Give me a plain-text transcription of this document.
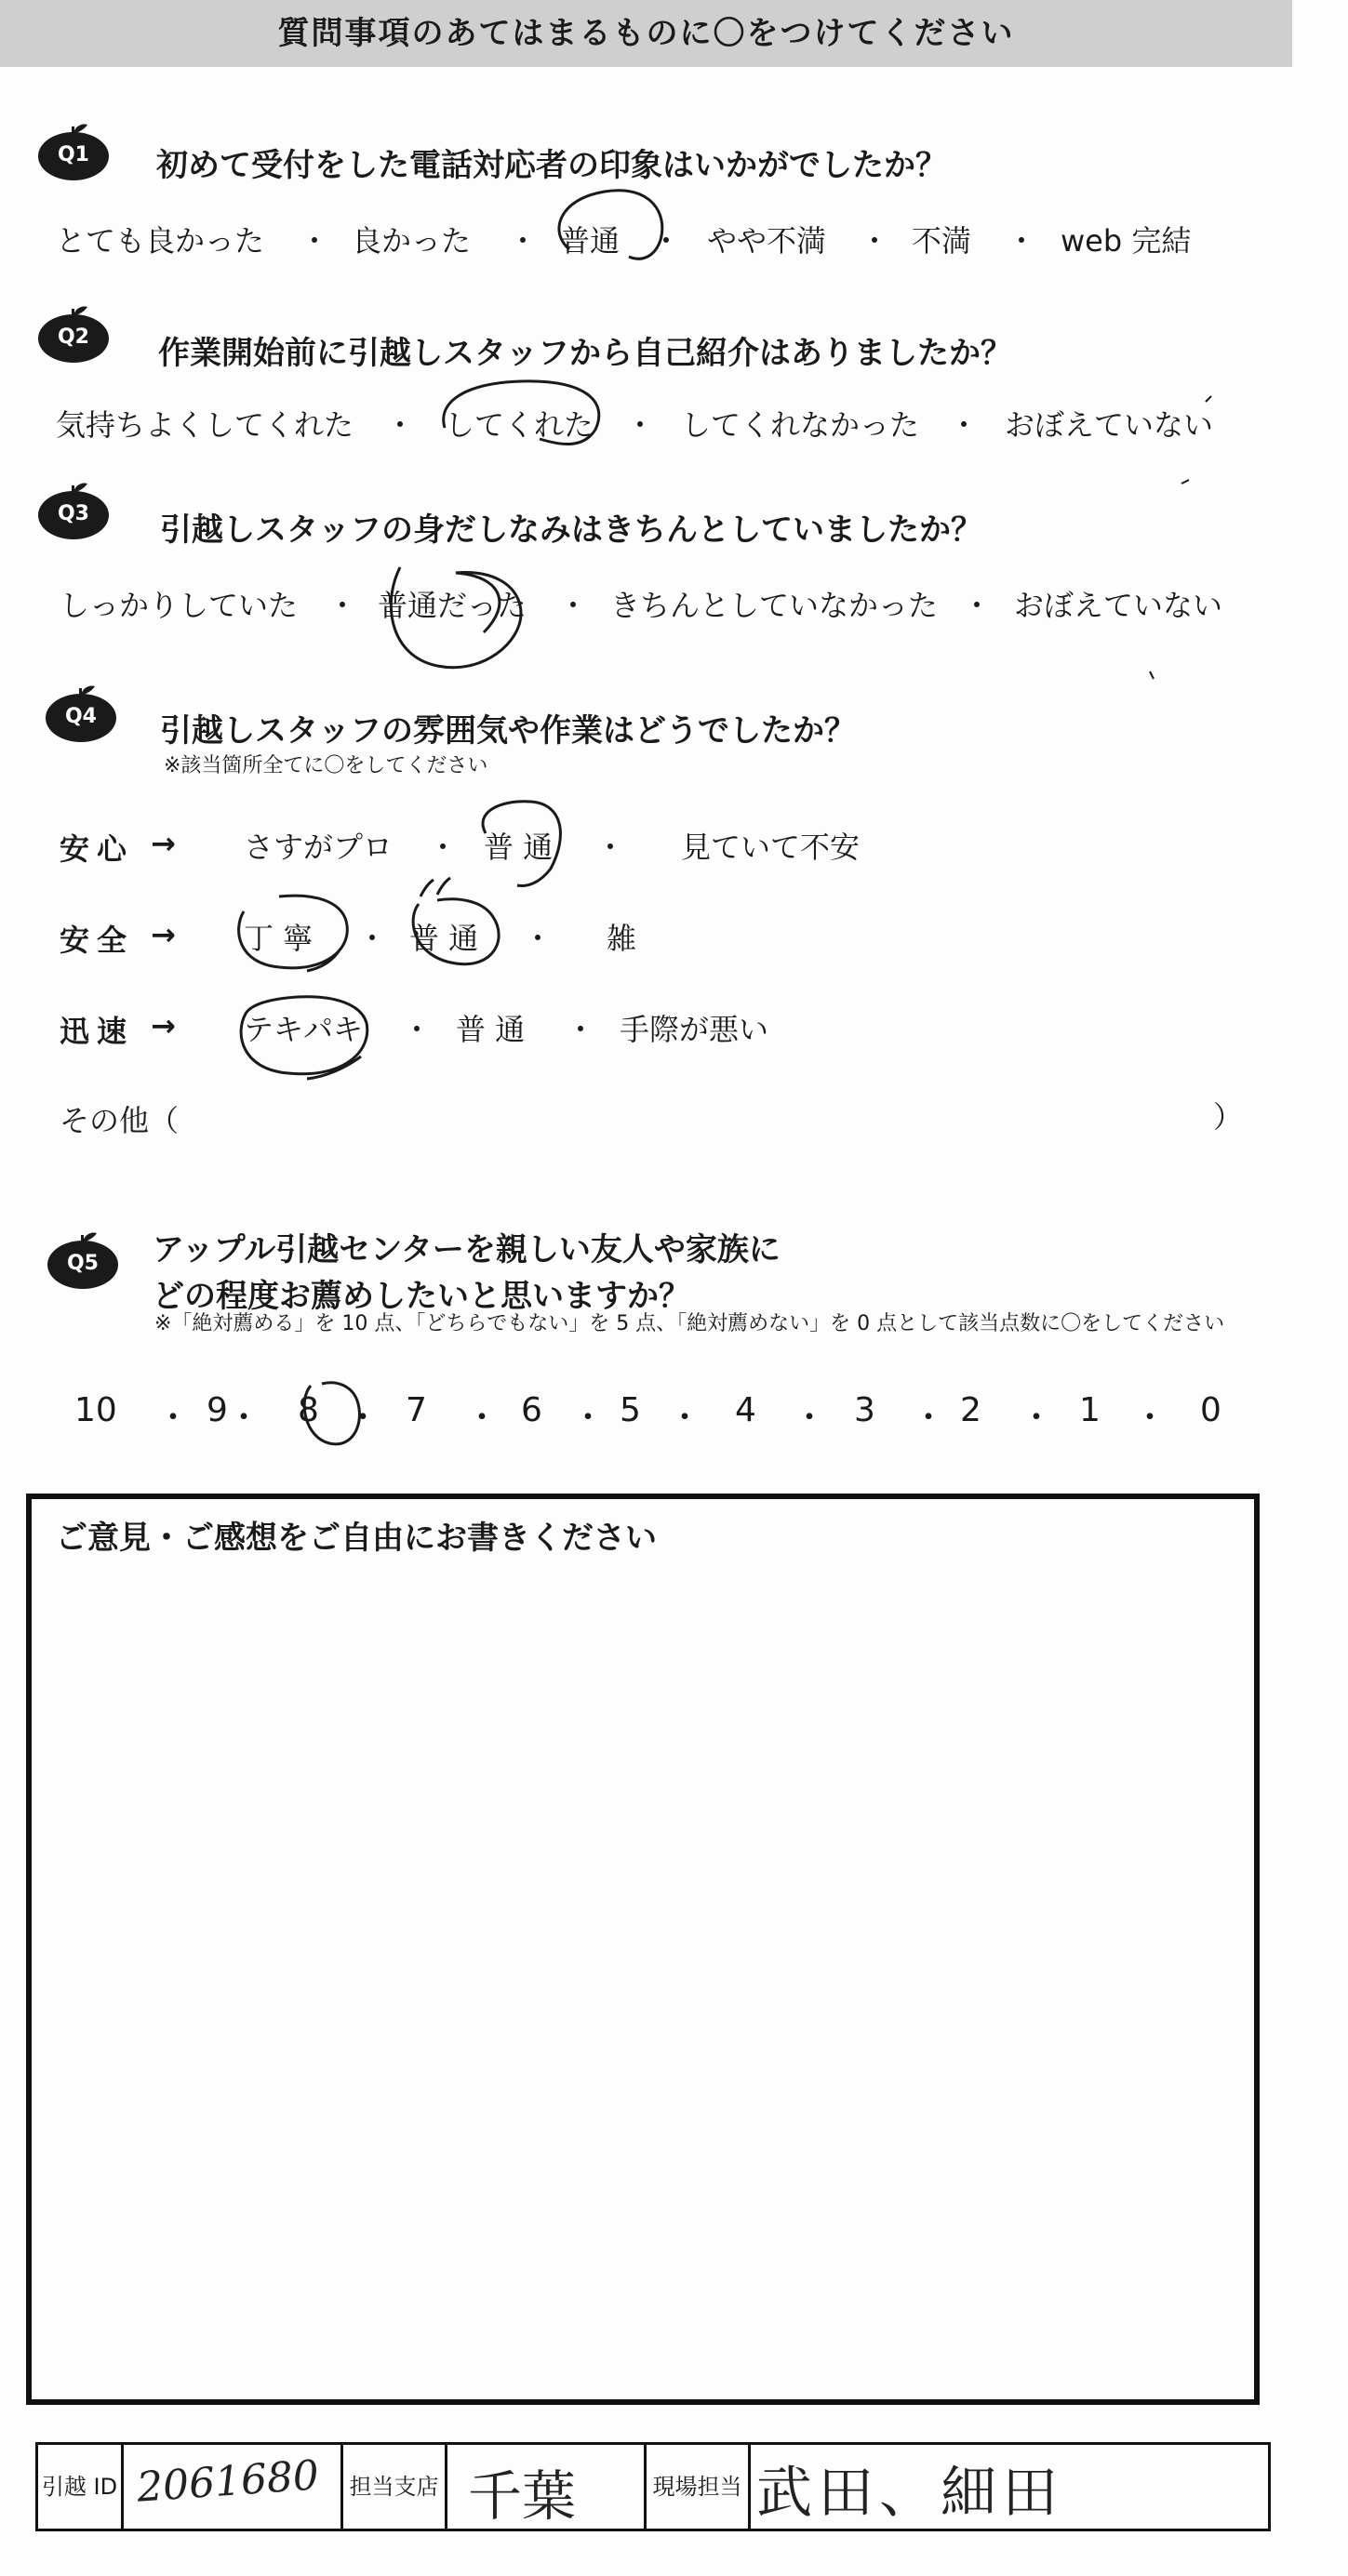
質問事項のあてはまるものに〇をつけてください
Q1	初めて受付をした電話対応者の印象はいかがでしたか？
とても良かった ・ 良かった ・ 普通 ・ やや不満 ・ 不満 ・ web 完結
Q2	作業開始前に引越しスタッフから自己紹介はありましたか？
気持ちよくしてくれた ・ してくれた ・ してくれなかった ・ おぼえていない
Q3	引越しスタッフの身だしなみはきちんとしていましたか？
しっかりしていた ・ 普通だった ・ きちんとしていなかった ・ おぼえていない
Q4	引越しスタッフの雰囲気や作業はどうでしたか？
※該当箇所全てに〇をしてください
安心 → さすがプロ ・ 普 通 ・ 見ていて不安
安全 → 丁 寧 ・ 普 通 ・ 雑
迅速 → テキパキ ・ 普 通 ・ 手際が悪い
その他（	）
Q5	アップル引越センターを親しい友人や家族に
どの程度お薦めしたいと思いますか？
※「絶対薦める」を 10 点、「どちらでもない」を 5 点、「絶対薦めない」を 0 点として該当点数に〇をしてください
10 ・ 9 ・ 8 ・ 7 ・ 6 ・ 5 ・ 4 ・ 3 ・ 2 ・ 1 ・ 0
ご意見・ご感想をご自由にお書きください
引越 ID 2061680 担当支店 千葉	現場担当 武田、細田
